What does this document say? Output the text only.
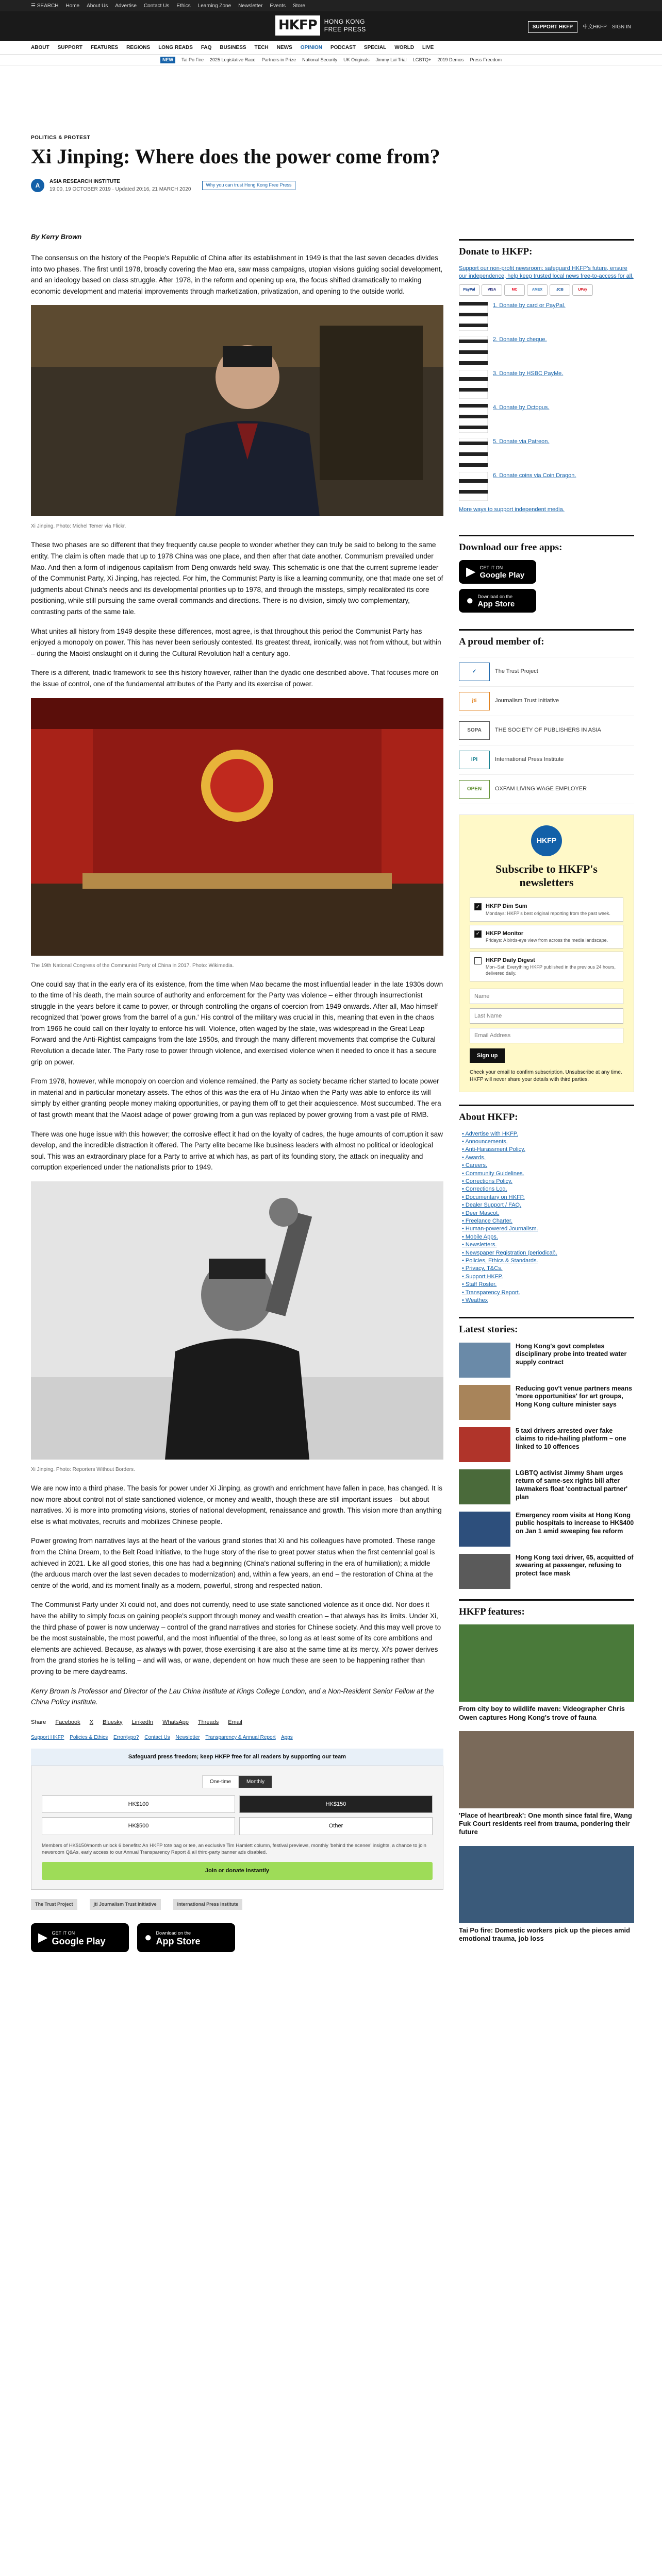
☰ SEARCH Home About Us Advertise Contact Us Ethics Learning Zone Newsletter Events Store
HKFP	HONG KONG
FREE PRESS	SUPPORT HKFP	中文HKFP SIGN IN
ABOUT SUPPORT FEATURES REGIONS LONG READS FAQ BUSINESS TECH NEWS OPINION PODCAST SPECIAL WORLD LIVE
NEW	Tai Po Fire 2025 Legislative Race Partners in Prize National Security UK Originals Jimmy Lai Trial LGBTQ+ 2019 Demos Press Freedom
POLITICS & PROTEST
Xi Jinping: Where does the power come from?
A
ASIA RESEARCH INSTITUTE
19:00, 19 OCTOBER 2019 · Updated 20:16, 21 MARCH 2020
Why you can trust Hong Kong Free Press
By Kerry Brown

The consensus on the history of the People's Republic of China after its establishment in 1949 is that the last seven decades divides into two phases. The first until 1978, broadly covering the Mao era, saw mass campaigns, utopian visions guiding social development, and an ideology based on class struggle. After 1978, in the reform and opening up era, the focus shifted dramatically to making economic development and material improvements through marketization, privatization, and opening to the outside world.

Xi Jinping. Photo: Michel Temer via Flickr.

These two phases are so different that they frequently cause people to wonder whether they can truly be said to belong to the same entity. The claim is often made that up to 1978 China was one place, and then after that date another. Communism prevailed under Mao. And then a form of indigenous capitalism from Deng onwards held sway. This schematic is one that the current supreme leader of the Communist Party, Xi Jinping, has rejected. For him, the Communist Party is like a learning community, one that made one set of judgments about China's needs and its developmental priorities up to 1978, and through the missteps, simply recalibrated its core positioning, while still pursuing the same overall commands and directions. There is no division, simply two complementary, contrasting parts of the same tale.

What unites all history from 1949 despite these differences, most agree, is that throughout this period the Communist Party has enjoyed a monopoly on power. This has never been seriously contested. Its greatest threat, ironically, was not from without, but within – during the Maoist onslaught on it during the Cultural Revolution half a century ago.

There is a different, triadic framework to see this history however, rather than the dyadic one described above. That focuses more on the issue of control, one of the fundamental attributes of the Party and its exercise of power.

The 19th National Congress of the Communist Party of China in 2017. Photo: Wikimedia.

One could say that in the early era of its existence, from the time when Mao became the most influential leader in the late 1930s down to the time of his death, the main source of authority and enforcement for the Party was violence – either through insurrectionist struggle in the years before it came to power, or through controlling the organs of coercion from 1949 onwards. After all, Mao himself recognized that 'power grows from the barrel of a gun.' His control of the military was crucial in this, meaning that even in the chaos from 1966 he could call on their loyalty to enforce his will. Violence, often waged by the state, was widespread in the Great Leap Forward and the Anti-Rightist campaigns from the late 1950s, and through the many different movements that comprise the Cultural Revolution a decade later. The Party rose to power through violence, and exercised violence when it needed to once it has a secure grip on power.

From 1978, however, while monopoly on coercion and violence remained, the Party as society became richer started to locate power in material and in particular monetary assets. The ethos of this was the era of Hu Jintao when the Party was able to enforce its will simply by either granting people money making opportunities, or paying them off to get their acquiescence. Most succumbed. The era of fast growth meant that the Maoist adage of power growing from a gun was replaced by power growing from a vast pile of RMB.

There was one huge issue with this however; the corrosive effect it had on the loyalty of cadres, the huge amounts of corruption it saw develop, and the incredible distraction it offered. The Party elite became like business leaders with almost no political or ideological soul. This was an extraordinary place for a Party to arrive at which has, as part of its founding story, the attack on inequality and corruption experienced under the nationalists prior to 1949.

Xi Jinping. Photo: Reporters Without Borders.

We are now into a third phase. The basis for power under Xi Jinping, as growth and enrichment have fallen in pace, has changed. It is now more about control not of state sanctioned violence, or money and wealth, though these are still important issues – but about narratives. Xi is more into promoting visions, stories of national development, renaissance and growth. This vision more than anything else is what motivates, recruits and mobilizes Chinese people.

Power growing from narratives lays at the heart of the various grand stories that Xi and his colleagues have promoted. These range from the China Dream, to the Belt Road Initiative, to the huge story of the rise to great power status when the first centennial goal is achieved in 2021. Like all good stories, this one has had a beginning (China's national suffering in the era of humiliation); a middle (the arduous march over the last seven decades to modernization) and, within a few years, an end – the restoration of China at the centre of the world, and its moment finally as a modern, powerful, strong and respected nation.

The Communist Party under Xi could not, and does not currently, need to use state sanctioned violence as it once did. Nor does it have the ability to simply focus on gaining people's support through money and wealth creation – that always has its limits. Under Xi, the third phase of power is now underway – control of the grand narratives and stories for Chinese society. And this may well prove to be the most sustainable, the most powerful, and the most influential of the three, so long as at least some of its core ambitions and elements are achieved. Because, as always with power, those exercising it are also at the same time at its mercy. Xi's power derives from the grand stories he is telling – and will was, or wane, dependent on how much these are seen to be happening rather than proving to be mere daydreams.

Kerry Brown is Professor and Director of the Lau China Institute at Kings College London, and a Non-Resident Senior Fellow at the China Policy Institute.

Share Facebook X Bluesky LinkedIn WhatsApp Threads Email
Support HKFP Policies & Ethics Error/typo? Contact Us Newsletter Transparency & Annual Report Apps
Safeguard press freedom; keep HKFP free for all readers by supporting our team
One-time	Monthly
HK$100	HK$150
HK$500	Other
Members of HK$150/month unlock 6 benefits: An HKFP tote bag or tee, an exclusive Tim Hamlett column, festival previews, monthly 'behind the scenes' insights, a chance to join newsroom Q&As, early access to our Annual Transparency Report & all third-party banner ads disabled.
Join or donate instantly
The Trust Project	jti Journalism Trust Initiative	International Press Institute
▶ GET IT ON
Google Play	● Download on the
App Store
Donate to HKFP:
Support our non-profit newsroom: safeguard HKFP's future, ensure our independence, help keep trusted local news free-to-access for all.
PayPal	VISA	MC	AMEX	JCB	UPay
1. Donate by card or PayPal.
2. Donate by cheque.
3. Donate by HSBC PayMe.
4. Donate by Octopus.
5. Donate via Patreon.
6. Donate coins via Coin Dragon.
More ways to support independent media.
Download our free apps:
▶ GET IT ON
Google Play
● Download on the
App Store
A proud member of:
✓	The Trust Project
jti	Journalism Trust Initiative
SOPA	THE SOCIETY OF PUBLISHERS IN ASIA
IPI	International Press Institute
OPEN	OXFAM LIVING WAGE EMPLOYER
HKFP
Subscribe to HKFP's newsletters
✓ HKFP Dim Sum
Mondays: HKFP's best original reporting from the past week.
✓ HKFP Monitor
Fridays: A birds-eye view from across the media landscape.
HKFP Daily Digest
Mon–Sat: Everything HKFP published in the previous 24 hours, delivered daily.
Name Last Name Email Address Sign up
Check your email to confirm subscription. Unsubscribe at any time. HKFP will never share your details with third parties.
About HKFP:
• Advertise with HKFP.
• Announcements.
• Anti-Harassment Policy.
• Awards.
• Careers.
• Community Guidelines.
• Corrections Policy.
• Corrections Log.
• Documentary on HKFP.
• Dealer Support / FAQ.
• Deer Mascot.
• Freelance Charter.
• Human-powered Journalism.
• Mobile Apps.
• Newsletters.
• Newspaper Registration (periodical).
• Policies, Ethics & Standards.
• Privacy, T&Cs.
• Support HKFP.
• Staff Roster.
• Transparency Report.
• Weathex
Latest stories:
Hong Kong's govt completes disciplinary probe into treated water supply contract
Reducing gov't venue partners means 'more opportunities' for art groups, Hong Kong culture minister says
5 taxi drivers arrested over fake claims to ride-hailing platform – one linked to 10 offences
LGBTQ activist Jimmy Sham urges return of same-sex rights bill after lawmakers float 'contractual partner' plan
Emergency room visits at Hong Kong public hospitals to increase to HK$400 on Jan 1 amid sweeping fee reform
Hong Kong taxi driver, 65, acquitted of swearing at passenger, refusing to protect face mask
HKFP features:
From city boy to wildlife maven: Videographer Chris Owen captures Hong Kong's trove of fauna
'Place of heartbreak': One month since fatal fire, Wang Fuk Court residents reel from trauma, pondering their future
Tai Po fire: Domestic workers pick up the pieces amid emotional trauma, job loss
